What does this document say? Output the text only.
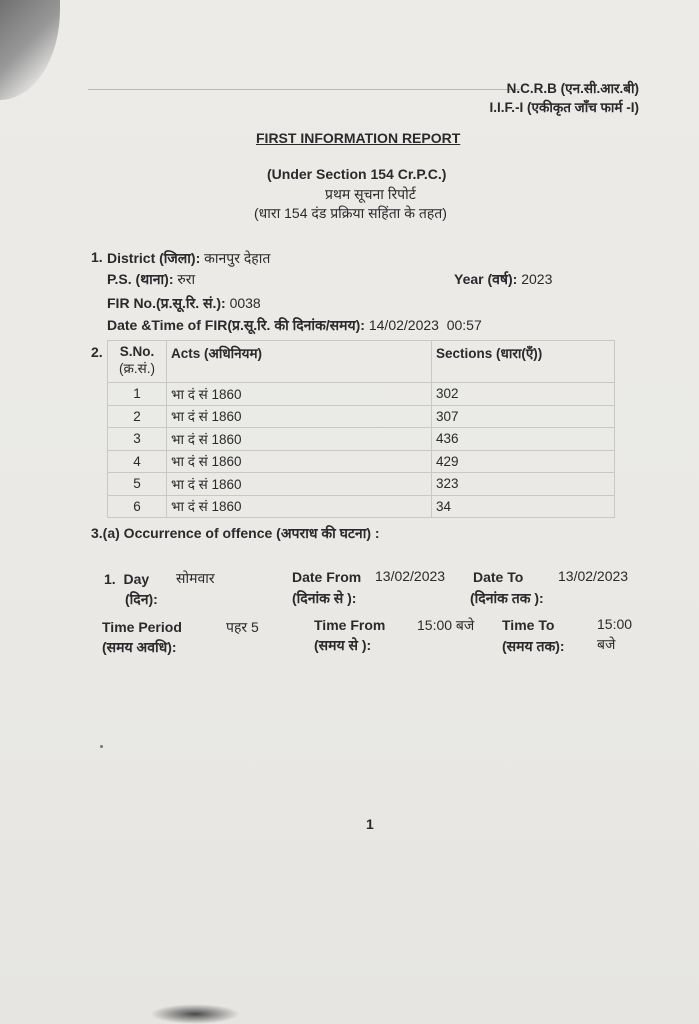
N.C.R.B (एन.सी.आर.बी)
I.I.F.-I (एकीकृत जाँच फार्म -I)
FIRST INFORMATION REPORT
(Under Section 154 Cr.P.C.)
प्रथम सूचना रिपोर्ट
(धारा 154 दंड प्रक्रिया सहिंता के तहत)
1. District (जिला): कानपुर देहात
P.S. (थाना): रुरा	Year (वर्ष): 2023
FIR No.(प्र.सू.रि. सं.): 0038
Date &Time of FIR(प्र.सू.रि. की दिनांक/समय): 14/02/2023  00:57
2.	S.No.
(क्र.सं.)	Acts (अधिनियम)	Sections (धारा(एँ))
1	भा दं सं 1860	302
2	भा दं सं 1860	307
3	भा दं सं 1860	436
4	भा दं सं 1860	429
5	भा दं सं 1860	323
6	भा दं सं 1860	34
3.(a) Occurrence of offence (अपराध की घटना) :
1.  Day
(दिन):
सोमवार	Date From
(दिनांक से ):
13/02/2023 Date To
(दिनांक तक ):
13/02/2023
Time Period
(समय अवधि):
पहर 5	Time From
(समय से ):
15:00 बजे Time To
(समय तक):
15:00
बजे
1
